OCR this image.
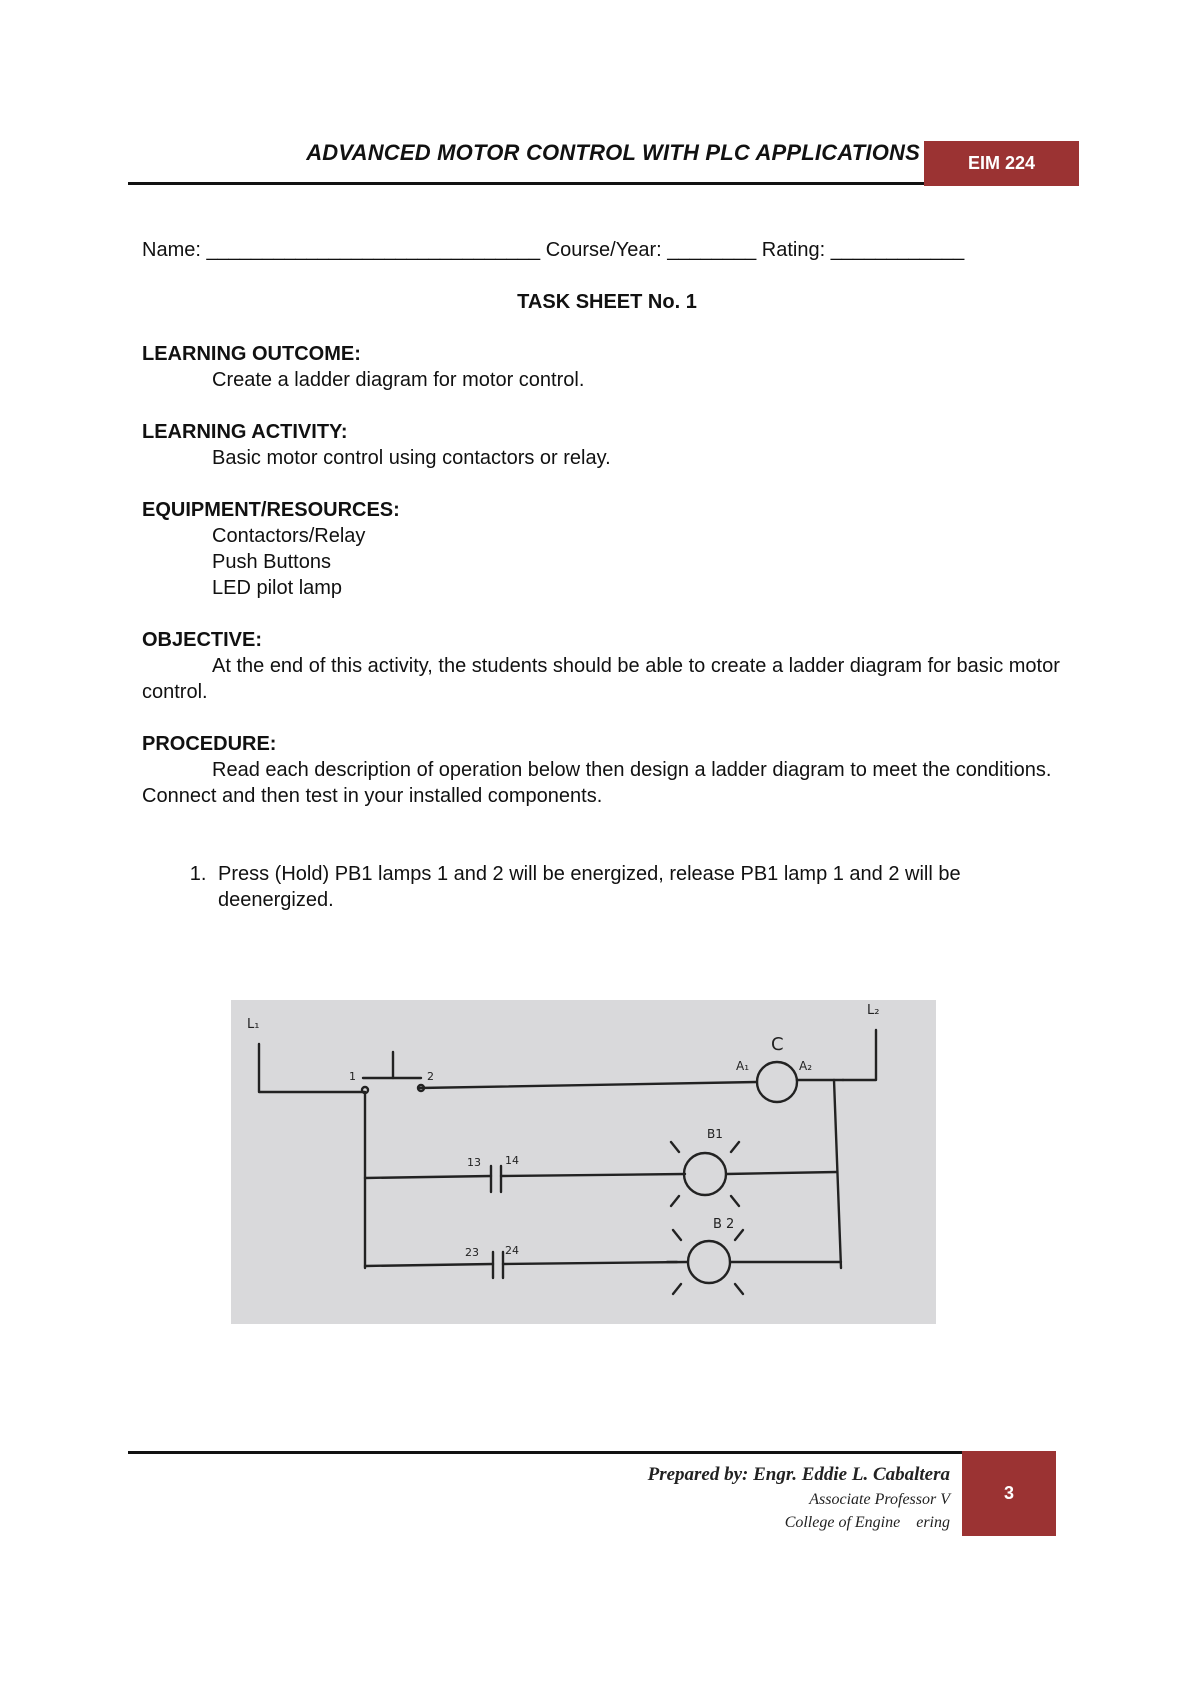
ADVANCED MOTOR CONTROL WITH PLC APPLICATIONS	EIM 224
Name: ______________________________ Course/Year: ________ Rating: ____________
TASK SHEET No. 1
LEARNING OUTCOME:
Create a ladder diagram for motor control.
LEARNING ACTIVITY:
Basic motor control using contactors or relay.
EQUIPMENT/RESOURCES:
Contactors/Relay
Push Buttons
LED pilot lamp
OBJECTIVE:
At the end of this activity, the students should be able to create a ladder diagram for basic motor control.
PROCEDURE:
Read each description of operation below then design a ladder diagram to meet the conditions. Connect and then test in your installed components.
1. Press (Hold) PB1 lamps 1 and 2 will be energized, release PB1 lamp 1 and 2 will be deenergized.
L₁
L₂
1	2
C
A₁	A₂
13 14
B1
23 24
B 2
Prepared by: Engr. Eddie L. Cabaltera
Associate Professor V
College of Engine    ering
3
